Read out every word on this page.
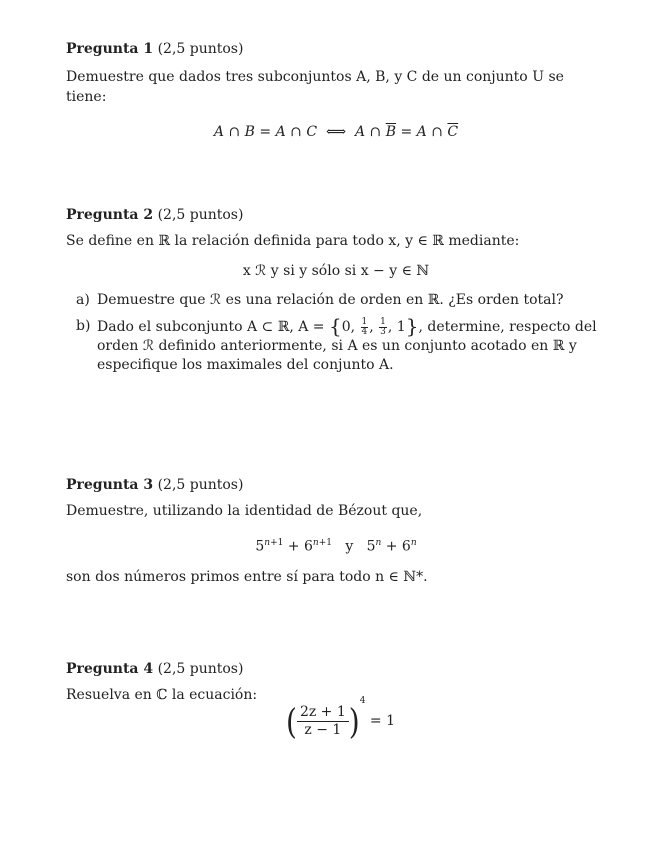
Pregunta 1 (2,5 puntos)

Demuestre que dados tres subconjuntos A, B, y C de un conjunto U se tiene:

A ∩ B = A ∩ C  ⟺  A ∩ $\overline{B} = A$ ∩ $\overline{C}$

Pregunta 2 (2,5 puntos)

Se define en ℝ la relación definida para todo x, y ∈ ℝ mediante:

x ℛ y si y sólo si x − y ∈ ℕ
a) Demuestre que ℛ es una relación de orden en ℝ. ¿Es orden total?
b) Dado el subconjunto A ⊂ ℝ, A = {0, $\frac{1}{4}$ , $\frac{1}{3}$ , 1}, determine, respecto del orden ℛ definido anteriormente, si A es un conjunto acotado en ℝ y especifique los maximales del conjunto A.

Pregunta 3 (2,5 puntos)

Demuestre, utilizando la identidad de Bézout que,

$5^{n+1} + 6^{n+1}$   y   $5^n + 6^n$

son dos números primos entre sí para todo n ∈ ℕ*.

Pregunta 4 (2,5 puntos)

Resuelva en ℂ la ecuación:

( $\frac{2z + 1}{z - 1} )^4 = 1$
